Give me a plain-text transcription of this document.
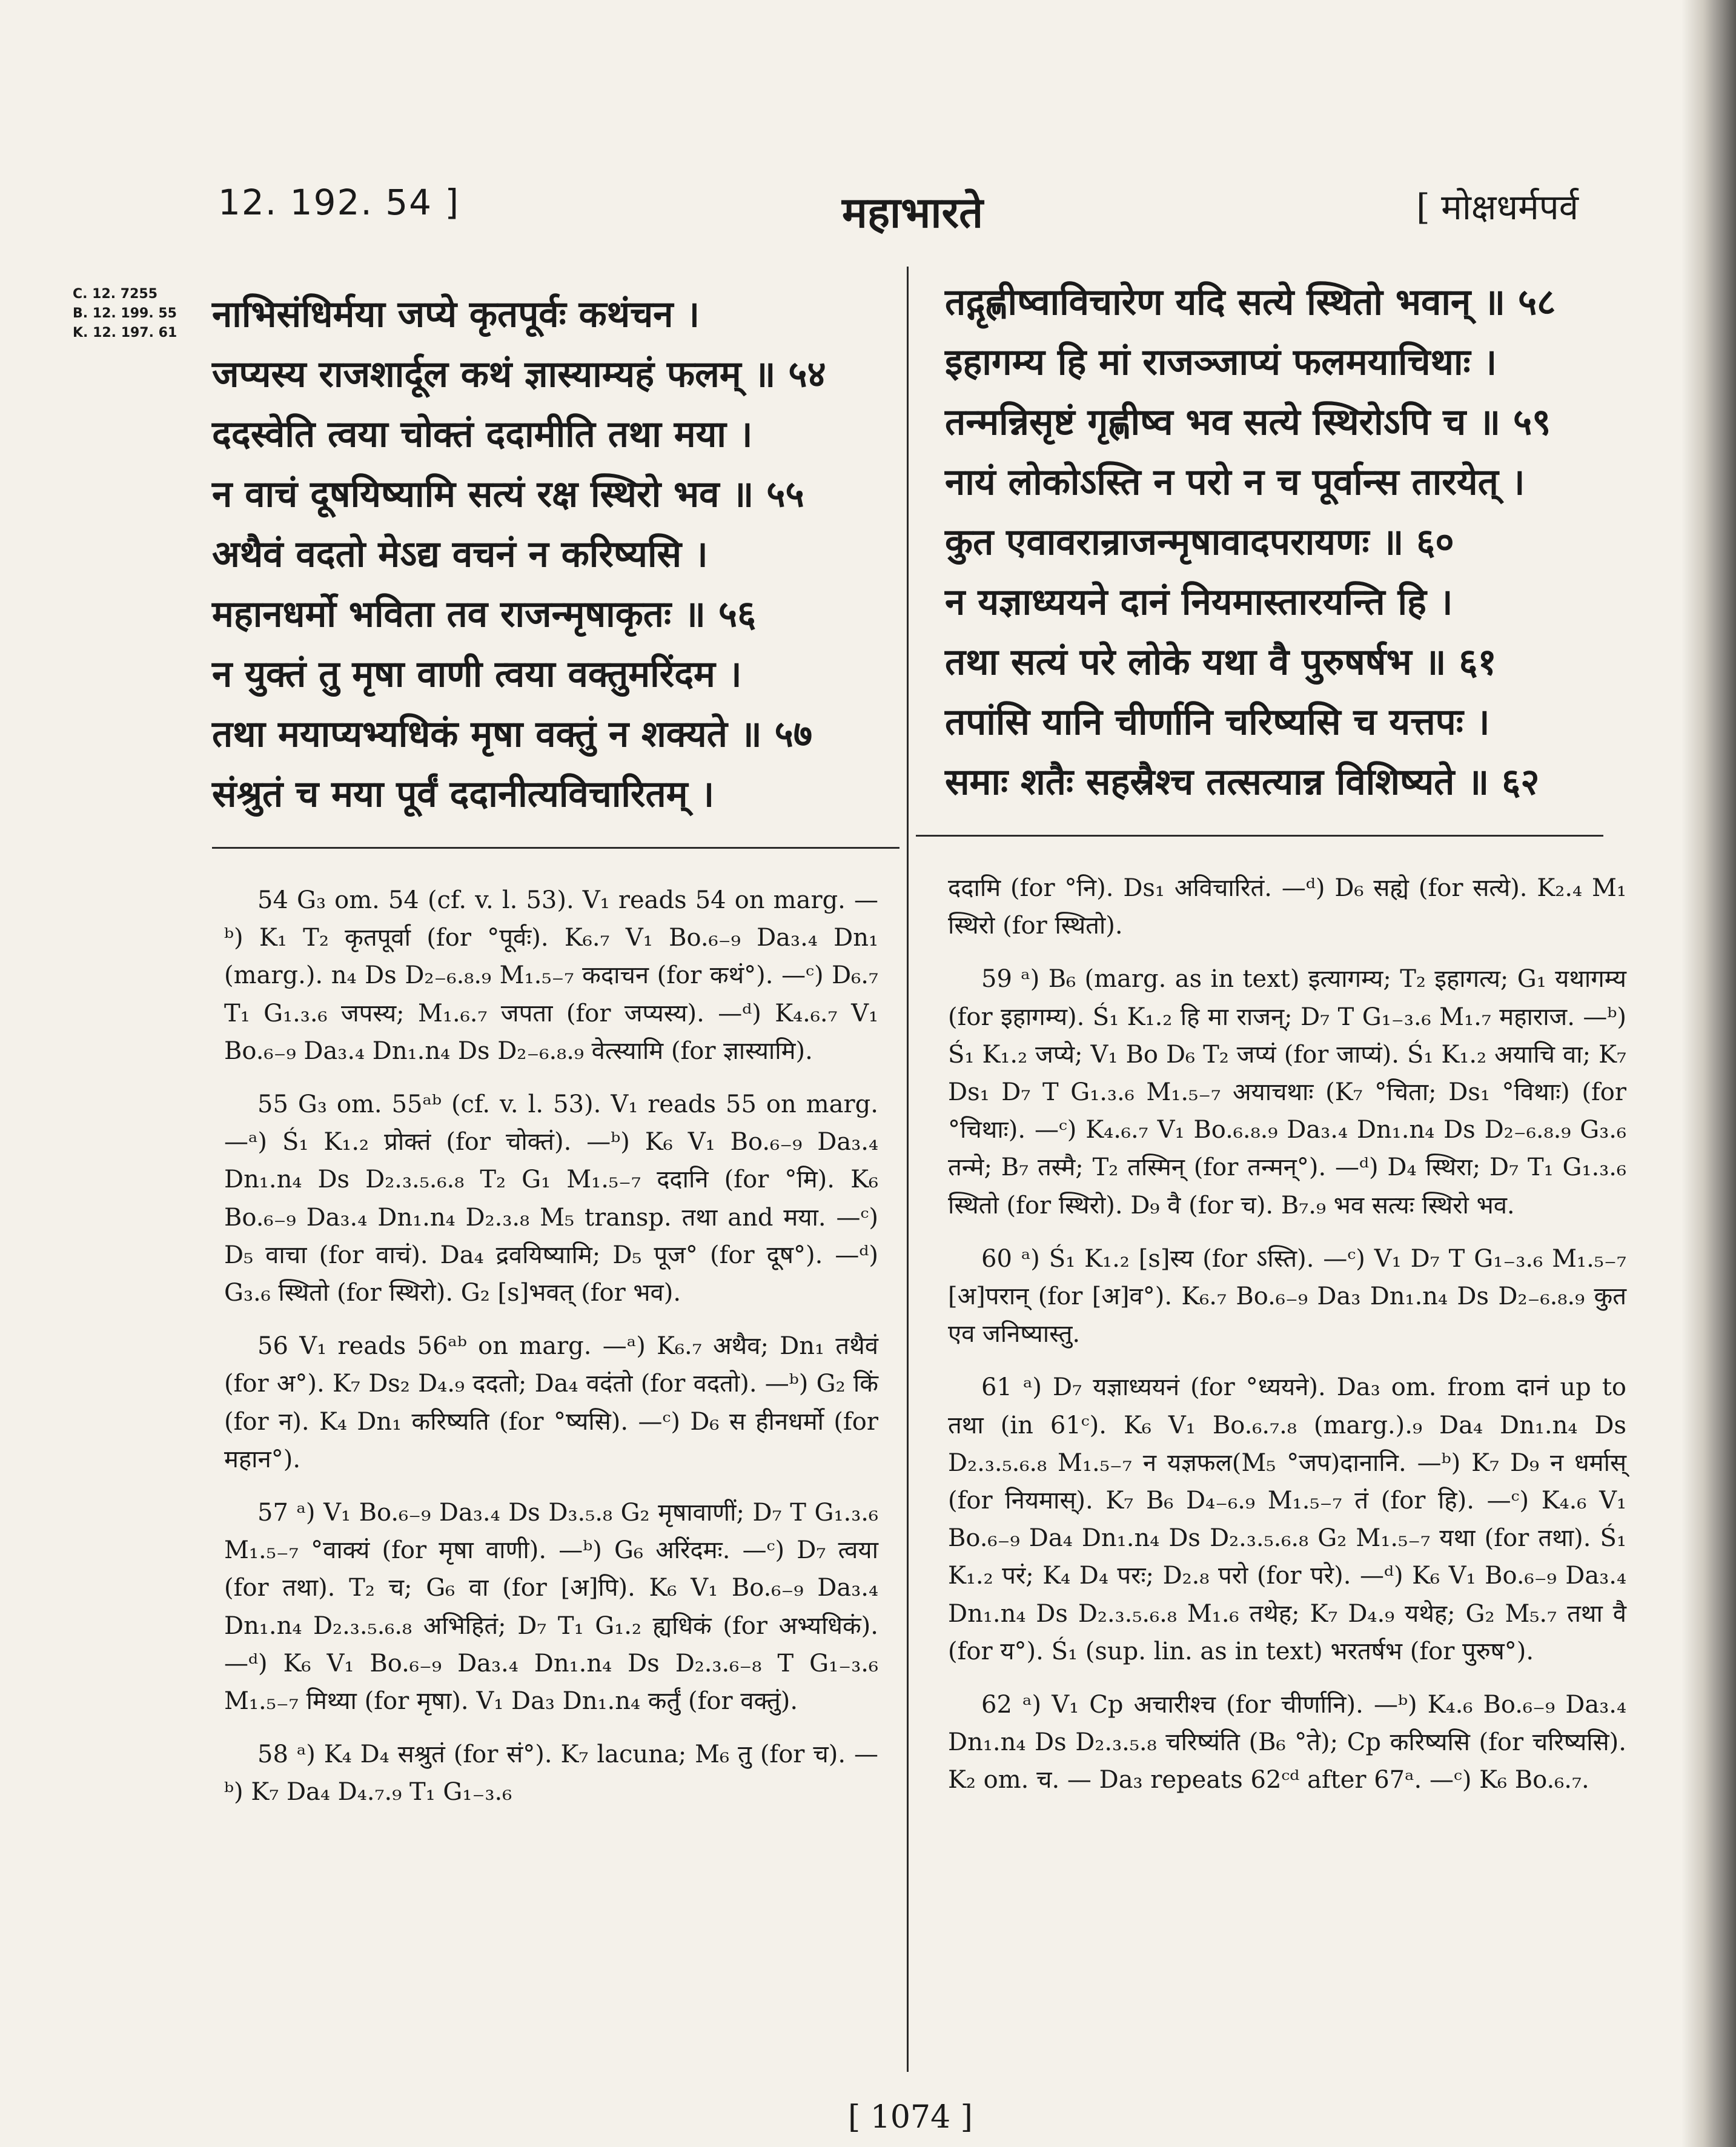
12. 192. 54 ]	महाभारते	[ मोक्षधर्मपर्व
C. 12. 7255
B. 12. 199. 55
K. 12. 197. 61 नाभिसंधिर्मया जप्ये कृतपूर्वः कथंचन ।
जप्यस्य राजशार्दूल कथं ज्ञास्याम्यहं फलम् ॥ ५४
ददस्वेति त्वया चोक्तं ददामीति तथा मया ।
न वाचं दूषयिष्यामि सत्यं रक्ष स्थिरो भव ॥ ५५
अथैवं वदतो मेऽद्य वचनं न करिष्यसि ।
महानधर्मो भविता तव राजन्मृषाकृतः ॥ ५६
न युक्तं तु मृषा वाणी त्वया वक्तुमरिंदम ।
तथा मयाप्यभ्यधिकं मृषा वक्तुं न शक्यते ॥ ५७
संश्रुतं च मया पूर्वं ददानीत्यविचारितम् ।
तद्गृह्णीष्वाविचारेण यदि सत्ये स्थितो भवान् ॥ ५८
इहागम्य हि मां राजञ्जाप्यं फलमयाचिथाः ।
तन्मन्निसृष्टं गृह्णीष्व भव सत्ये स्थिरोऽपि च ॥ ५९
नायं लोकोऽस्ति न परो न च पूर्वान्स तारयेत् ।
कुत एवावरान्राजन्मृषावादपरायणः ॥ ६०
न यज्ञाध्ययने दानं नियमास्तारयन्ति हि ।
तथा सत्यं परे लोके यथा वै पुरुषर्षभ ॥ ६१
तपांसि यानि चीर्णानि चरिष्यसि च यत्तपः ।
समाः शतैः सहस्रैश्च तत्सत्यान्न विशिष्यते ॥ ६२

54 G₃ om. 54 (cf. v. l. 53). V₁ reads 54 on marg. —ᵇ) K₁ T₂ कृतपूर्वा (for °पूर्वः). K₆.₇ V₁ Bo.₆₋₉ Da₃.₄ Dn₁ (marg.). n₄ Ds D₂₋₆.₈.₉ M₁.₅₋₇ कदाचन (for कथं°). —ᶜ) D₆.₇ T₁ G₁.₃.₆ जपस्य; M₁.₆.₇ जपता (for जप्यस्य). —ᵈ) K₄.₆.₇ V₁ Bo.₆₋₉ Da₃.₄ Dn₁.n₄ Ds D₂₋₆.₈.₉ वेत्स्यामि (for ज्ञास्यामि).

55 G₃ om. 55ᵃᵇ (cf. v. l. 53). V₁ reads 55 on marg. —ᵃ) Ś₁ K₁.₂ प्रोक्तं (for चोक्तं). —ᵇ) K₆ V₁ Bo.₆₋₉ Da₃.₄ Dn₁.n₄ Ds D₂.₃.₅.₆.₈ T₂ G₁ M₁.₅₋₇ ददानि (for °मि). K₆ Bo.₆₋₉ Da₃.₄ Dn₁.n₄ D₂.₃.₈ M₅ transp. तथा and मया. —ᶜ) D₅ वाचा (for वाचं). Da₄ द्रवयिष्यामि; D₅ पूज° (for दूष°). —ᵈ) G₃.₆ स्थितो (for स्थिरो). G₂ [s]भवत् (for भव).

56 V₁ reads 56ᵃᵇ on marg. —ᵃ) K₆.₇ अथैव; Dn₁ तथैवं (for अ°). K₇ Ds₂ D₄.₉ ददतो; Da₄ वदंतो (for वदतो). —ᵇ) G₂ किं (for न). K₄ Dn₁ करिष्यति (for °ष्यसि). —ᶜ) D₆ स हीनधर्मो (for महान°).

57 ᵃ) V₁ Bo.₆₋₉ Da₃.₄ Ds D₃.₅.₈ G₂ मृषावाणीं; D₇ T G₁.₃.₆ M₁.₅₋₇ °वाक्यं (for मृषा वाणी). —ᵇ) G₆ अरिंदमः. —ᶜ) D₇ त्वया (for तथा). T₂ च; G₆ वा (for [अ]पि). K₆ V₁ Bo.₆₋₉ Da₃.₄ Dn₁.n₄ D₂.₃.₅.₆.₈ अभिहितं; D₇ T₁ G₁.₂ ह्यधिकं (for अभ्यधिकं). —ᵈ) K₆ V₁ Bo.₆₋₉ Da₃.₄ Dn₁.n₄ Ds D₂.₃.₆₋₈ T G₁₋₃.₆ M₁.₅₋₇ मिथ्या (for मृषा). V₁ Da₃ Dn₁.n₄ कर्तुं (for वक्तुं).

58 ᵃ) K₄ D₄ सश्रुतं (for सं°). K₇ lacuna; M₆ तु (for च). —ᵇ) K₇ Da₄ D₄.₇.₉ T₁ G₁₋₃.₆

ददामि (for °नि). Ds₁ अविचारितं. —ᵈ) D₆ सह्ये (for सत्ये). K₂.₄ M₁ स्थिरो (for स्थितो).

59 ᵃ) B₆ (marg. as in text) इत्यागम्य; T₂ इहागत्य; G₁ यथागम्य (for इहागम्य). Ś₁ K₁.₂ हि मा राजन्; D₇ T G₁₋₃.₆ M₁.₇ महाराज. —ᵇ) Ś₁ K₁.₂ जप्ये; V₁ Bo D₆ T₂ जप्यं (for जाप्यं). Ś₁ K₁.₂ अयाचि वा; K₇ Ds₁ D₇ T G₁.₃.₆ M₁.₅₋₇ अयाचथाः (K₇ °चिता; Ds₁ °विथाः) (for °चिथाः). —ᶜ) K₄.₆.₇ V₁ Bo.₆.₈.₉ Da₃.₄ Dn₁.n₄ Ds D₂₋₆.₈.₉ G₃.₆ तन्मे; B₇ तस्मै; T₂ तस्मिन् (for तन्मन्°). —ᵈ) D₄ स्थिरा; D₇ T₁ G₁.₃.₆ स्थितो (for स्थिरो). D₉ वै (for च). B₇.₉ भव सत्यः स्थिरो भव.

60 ᵃ) Ś₁ K₁.₂ [s]स्य (for ऽस्ति). —ᶜ) V₁ D₇ T G₁₋₃.₆ M₁.₅₋₇ [अ]परान् (for [अ]व°). K₆.₇ Bo.₆₋₉ Da₃ Dn₁.n₄ Ds D₂₋₆.₈.₉ कुत एव जनिष्यास्तु.

61 ᵃ) D₇ यज्ञाध्ययनं (for °ध्ययने). Da₃ om. from दानं up to तथा (in 61ᶜ). K₆ V₁ Bo.₆.₇.₈ (marg.).₉ Da₄ Dn₁.n₄ Ds D₂.₃.₅.₆.₈ M₁.₅₋₇ न यज्ञफल(M₅ °जप)दानानि. —ᵇ) K₇ D₉ न धर्मास् (for नियमास्). K₇ B₆ D₄₋₆.₉ M₁.₅₋₇ तं (for हि). —ᶜ) K₄.₆ V₁ Bo.₆₋₉ Da₄ Dn₁.n₄ Ds D₂.₃.₅.₆.₈ G₂ M₁.₅₋₇ यथा (for तथा). Ś₁ K₁.₂ परं; K₄ D₄ परः; D₂.₈ परो (for परे). —ᵈ) K₆ V₁ Bo.₆₋₉ Da₃.₄ Dn₁.n₄ Ds D₂.₃.₅.₆.₈ M₁.₆ तथेह; K₇ D₄.₉ यथेह; G₂ M₅.₇ तथा वै (for य°). Ś₁ (sup. lin. as in text) भरतर्षभ (for पुरुष°).

62 ᵃ) V₁ Cp अचारीश्च (for चीर्णानि). —ᵇ) K₄.₆ Bo.₆₋₉ Da₃.₄ Dn₁.n₄ Ds D₂.₃.₅.₈ चरिष्यंति (B₆ °ते); Cp करिष्यसि (for चरिष्यसि). K₂ om. च. — Da₃ repeats 62ᶜᵈ after 67ᵃ. —ᶜ) K₆ Bo.₆.₇.

[ 1074 ]
